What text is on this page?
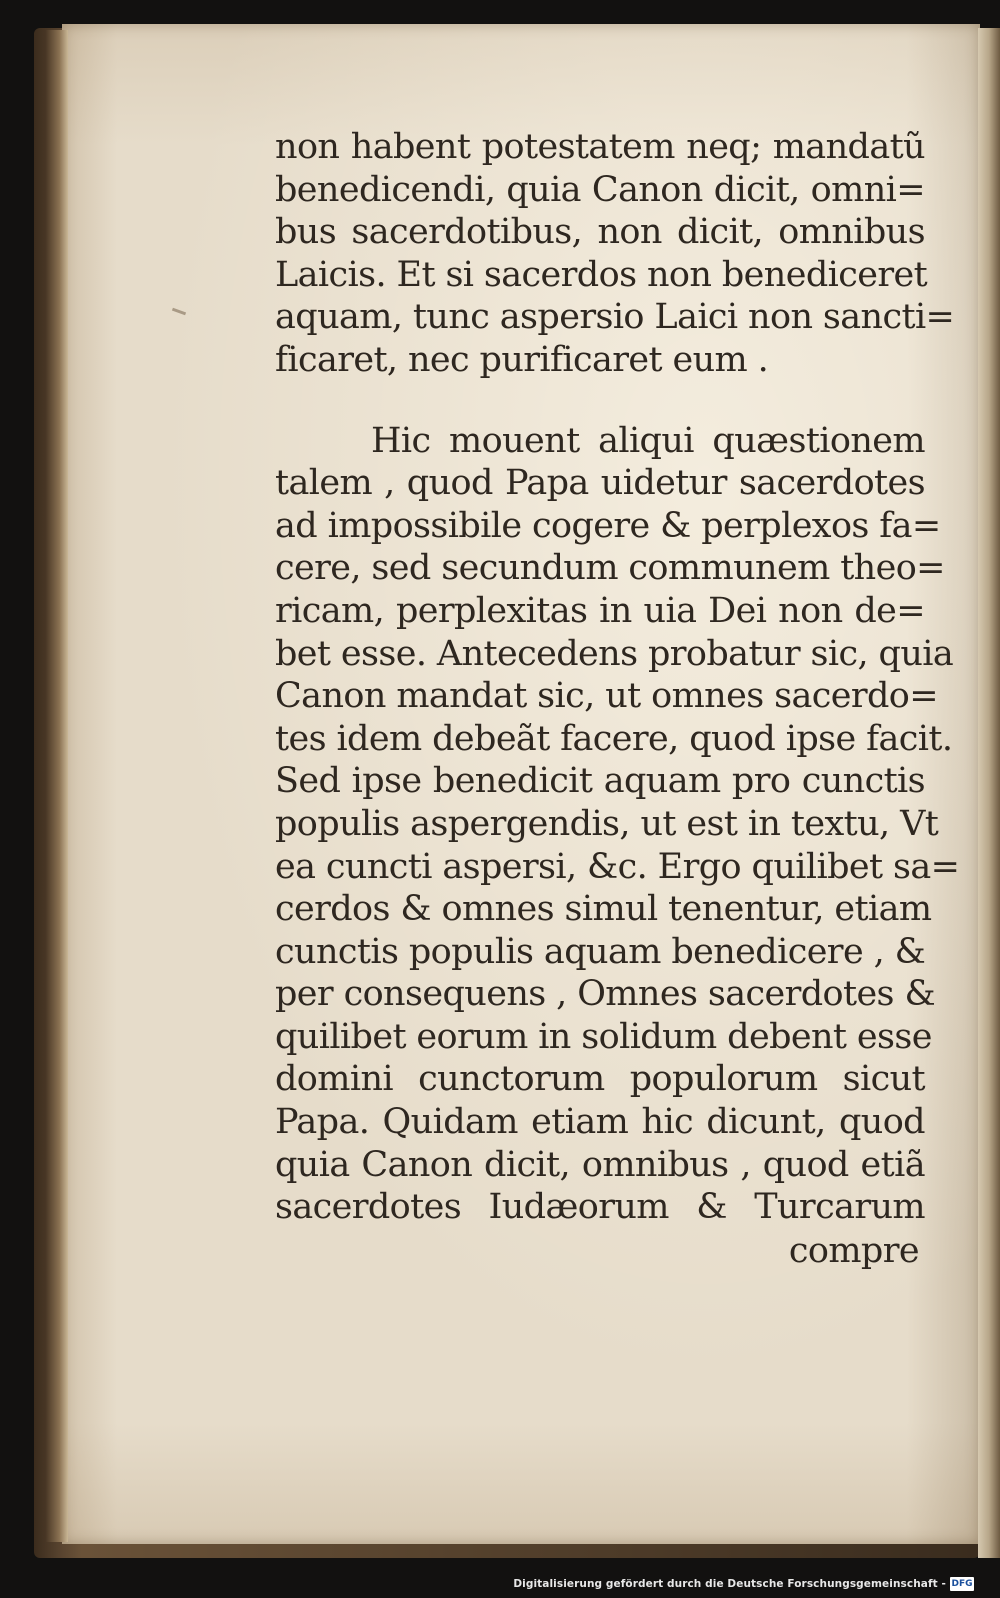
non habent potestatem neq; mandatũ
benedicendi, quia Canon dicit, omni=
bus sacerdotibus, non dicit, omnibus
Laicis. Et si sacerdos non benediceret
aquam, tunc aspersio Laici non sancti=
ficaret, nec purificaret eum .
Hic mouent aliqui quæstionem
talem , quod Papa uidetur sacerdotes
ad impossibile cogere & perplexos fa=
cere, sed secundum communem theo=
ricam, perplexitas in uia Dei non de=
bet esse. Antecedens probatur sic, quia
Canon mandat sic, ut omnes sacerdo=
tes idem debeãt facere, quod ipse facit.
Sed ipse benedicit aquam pro cunctis
populis aspergendis, ut est in textu, Vt
ea cuncti aspersi, &c. Ergo quilibet sa=
cerdos & omnes simul tenentur, etiam
cunctis populis aquam benedicere , &
per consequens , Omnes sacerdotes &
quilibet eorum in solidum debent esse
domini cunctorum populorum sicut
Papa. Quidam etiam hic dicunt, quod
quia Canon dicit, omnibus , quod etiã
sacerdotes Iudæorum & Turcarum
compre
Digitalisierung gefördert durch die Deutsche Forschungsgemeinschaft - DFG
